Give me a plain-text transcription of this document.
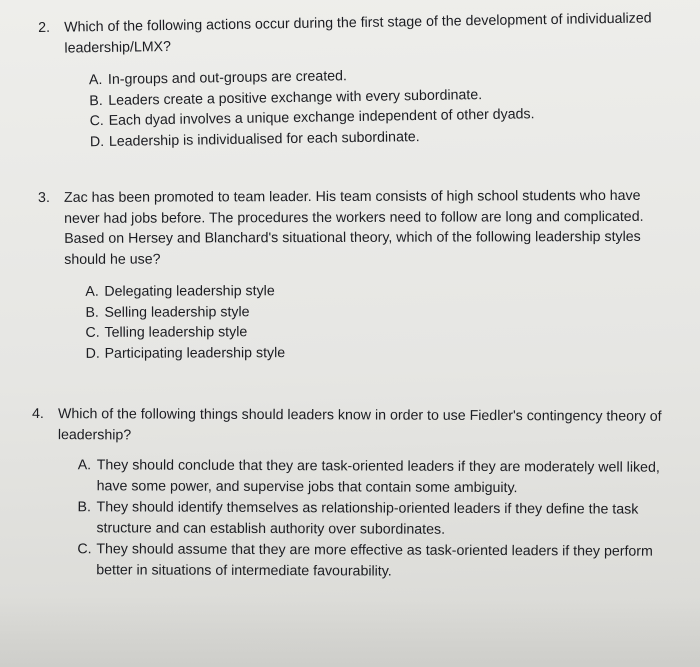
2. Which of the following actions occur during the first stage of the development of individualized leadership/LMX?
A. In-groups and out-groups are created.
B. Leaders create a positive exchange with every subordinate.
C. Each dyad involves a unique exchange independent of other dyads.
D. Leadership is individualised for each subordinate.
3. Zac has been promoted to team leader. His team consists of high school students who have never had jobs before. The procedures the workers need to follow are long and complicated. Based on Hersey and Blanchard's situational theory, which of the following leadership styles should he use?
A. Delegating leadership style
B. Selling leadership style
C. Telling leadership style
D. Participating leadership style
4. Which of the following things should leaders know in order to use Fiedler's contingency theory of leadership?
A. They should conclude that they are task-oriented leaders if they are moderately well liked, have some power, and supervise jobs that contain some ambiguity.
B. They should identify themselves as relationship-oriented leaders if they define the task structure and can establish authority over subordinates.
C. They should assume that they are more effective as task-oriented leaders if they perform better in situations of intermediate favourability.
